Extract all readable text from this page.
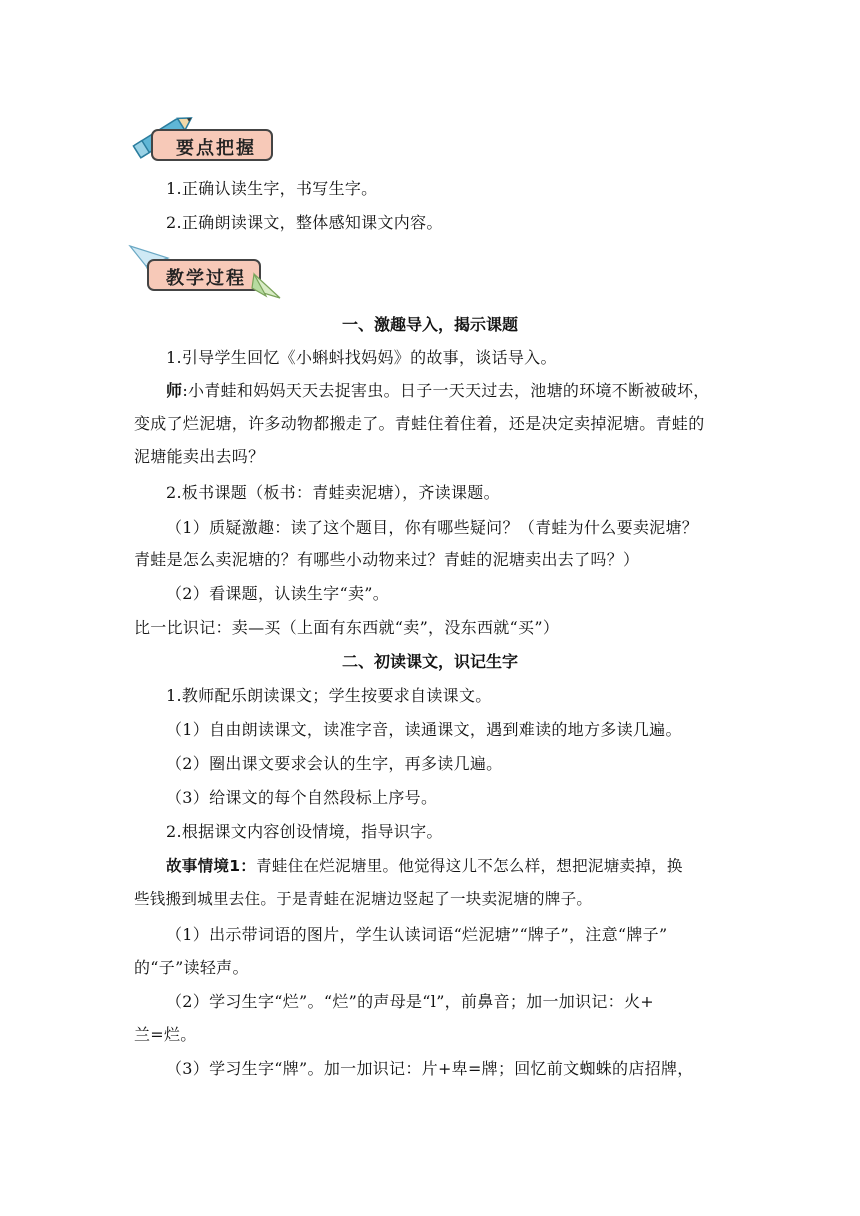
要点把握
1.正确认读生字，书写生字。
2.正确朗读课文，整体感知课文内容。
教学过程
一、激趣导入，揭示课题
1.引导学生回忆《小蝌蚪找妈妈》的故事，谈话导入。
师:小青蛙和妈妈天天去捉害虫。日子一天天过去，池塘的环境不断被破坏，
变成了烂泥塘，许多动物都搬走了。青蛙住着住着，还是决定卖掉泥塘。青蛙的
泥塘能卖出去吗？
2.板书课题（板书：青蛙卖泥塘），齐读课题。
（1）质疑激趣：读了这个题目，你有哪些疑问？（青蛙为什么要卖泥塘？
青蛙是怎么卖泥塘的？有哪些小动物来过？青蛙的泥塘卖出去了吗？）
（2）看课题，认读生字“卖”。
比一比识记：卖—买（上面有东西就“卖”，没东西就“买”）
二、初读课文，识记生字
1.教师配乐朗读课文；学生按要求自读课文。
（1）自由朗读课文，读准字音，读通课文，遇到难读的地方多读几遍。
（2）圈出课文要求会认的生字，再多读几遍。
（3）给课文的每个自然段标上序号。
2.根据课文内容创设情境，指导识字。
故事情境1：青蛙住在烂泥塘里。他觉得这儿不怎么样，想把泥塘卖掉，换
些钱搬到城里去住。于是青蛙在泥塘边竖起了一块卖泥塘的牌子。
（1）出示带词语的图片，学生认读词语“烂泥塘”“牌子”，注意“牌子”
的“子”读轻声。
（2）学习生字“烂”。“烂”的声母是“l”，前鼻音；加一加识记：火+
兰=烂。
（3）学习生字“牌”。加一加识记：片+卑=牌；回忆前文蜘蛛的店招牌，
